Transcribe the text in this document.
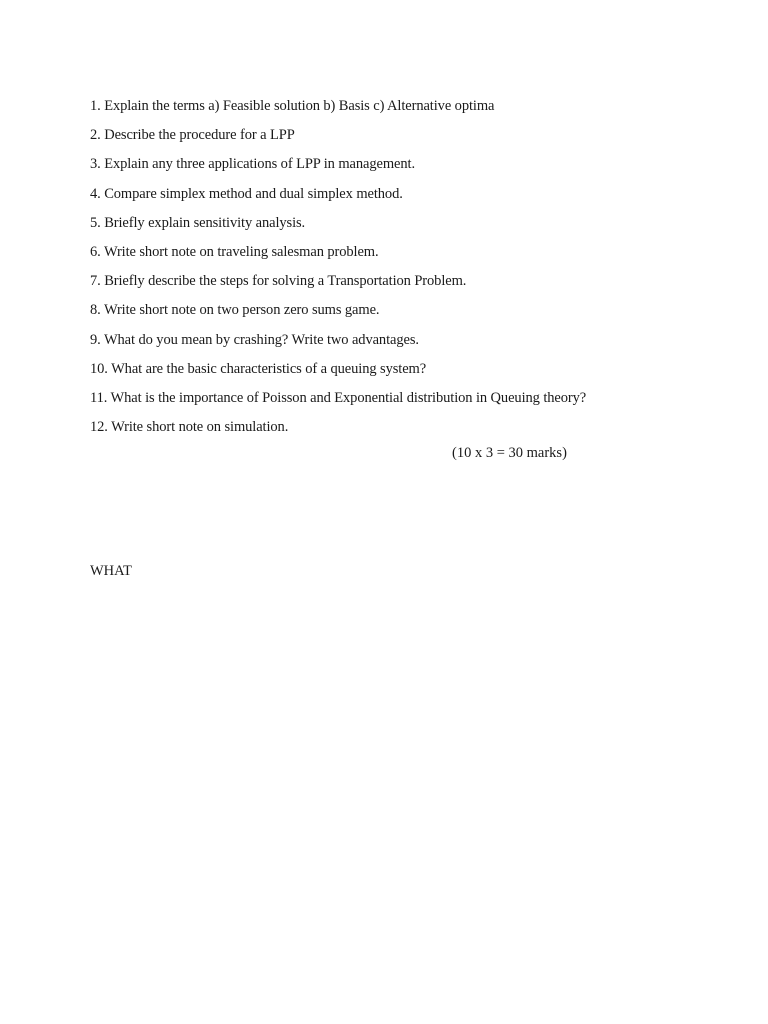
1. Explain the terms a) Feasible solution b) Basis c) Alternative optima
2. Describe the procedure for a LPP
3. Explain any three applications of LPP in management.
4. Compare simplex method and dual simplex method.
5. Briefly explain sensitivity analysis.
6. Write short note on traveling salesman problem.
7. Briefly describe the steps for solving a Transportation Problem.
8. Write short note on two person zero sums game.
9. What do you mean by crashing? Write two advantages.
10. What are the basic characteristics of a queuing system?
11. What is the importance of Poisson and Exponential distribution in Queuing theory?
12. Write short note on simulation.
(10 x 3 = 30 marks)
WHAT
